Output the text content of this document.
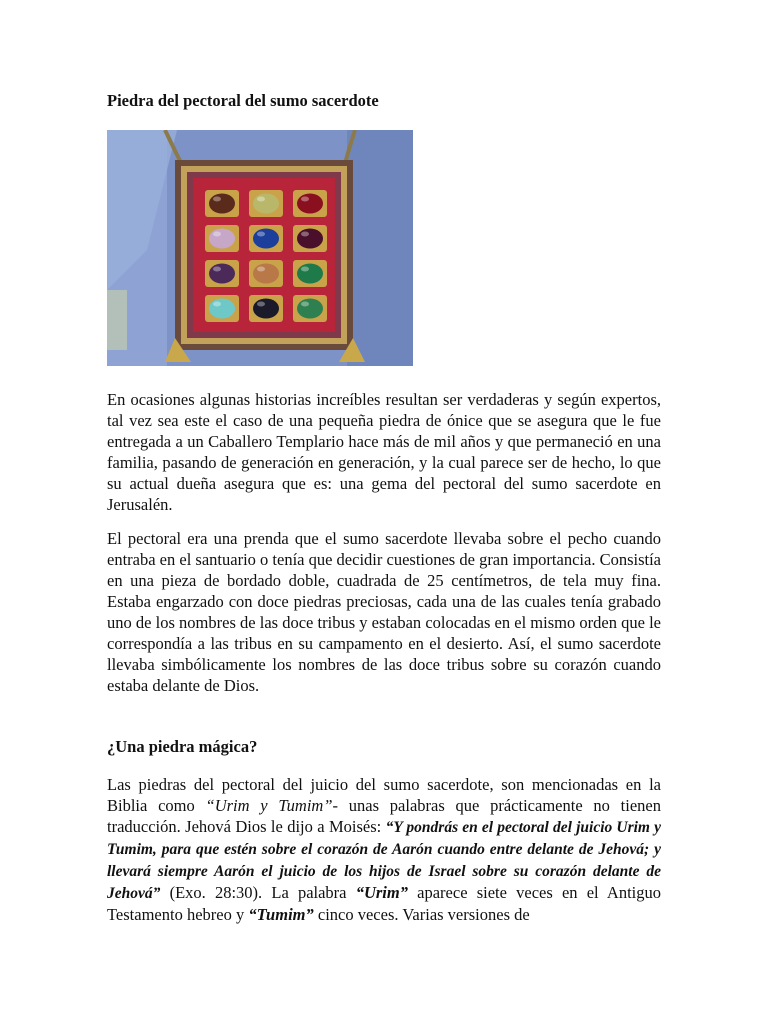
Piedra del pectoral del sumo sacerdote

En ocasiones algunas historias increíbles resultan ser verdaderas y según expertos, tal vez sea este el caso de una pequeña piedra de ónice que se asegura que le fue entregada a un Caballero Templario hace más de mil años y que permaneció en una familia, pasando de generación en generación, y la cual parece ser de hecho, lo que su actual dueña asegura que es: una gema del pectoral del sumo sacerdote en Jerusalén.

El pectoral era una prenda que el sumo sacerdote llevaba sobre el pecho cuando entraba en el santuario o tenía que decidir cuestiones de gran importancia. Consistía en una pieza de bordado doble, cuadrada de 25 centímetros, de tela muy fina. Estaba engarzado con doce piedras preciosas, cada una de las cuales tenía grabado uno de los nombres de las doce tribus y estaban colocadas en el mismo orden que le correspondía a las tribus en su campamento en el desierto. Así, el sumo sacerdote llevaba simbólicamente los nombres de las doce tribus sobre su corazón cuando estaba delante de Dios.

¿Una piedra mágica?

Las piedras del pectoral del juicio del sumo sacerdote, son mencionadas en la Biblia como “Urim y Tumim”- unas palabras que prácticamente no tienen traducción. Jehová Dios le dijo a Moisés: “Y pondrás en el pectoral del juicio Urim y Tumim, para que estén sobre el corazón de Aarón cuando entre delante de Jehová; y llevará siempre Aarón el juicio de los hijos de Israel sobre su corazón delante de Jehová” (Exo. 28:30). La palabra “Urim” aparece siete veces en el Antiguo Testamento hebreo y “Tumim” cinco veces. Varias versiones de
